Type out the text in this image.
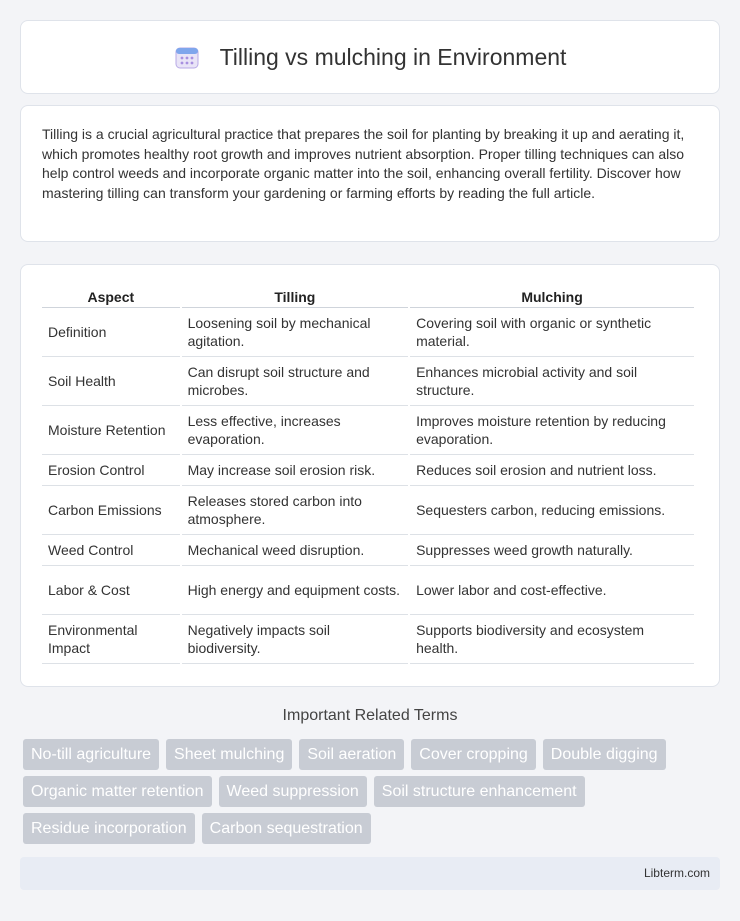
Tilling vs mulching in Environment

Tilling is a crucial agricultural practice that prepares the soil for planting by breaking it up and aerating it, which promotes healthy root growth and improves nutrient absorption. Proper tilling techniques can also help control weeds and incorporate organic matter into the soil, enhancing overall fertility. Discover how mastering tilling can transform your gardening or farming efforts by reading the full article.

Aspect	Tilling	Mulching
Definition	Loosening soil by mechanical agitation.	Covering soil with organic or synthetic material.
Soil Health	Can disrupt soil structure and microbes.	Enhances microbial activity and soil structure.
Moisture Retention	Less effective, increases evaporation.	Improves moisture retention by reducing evaporation.
Erosion Control	May increase soil erosion risk.	Reduces soil erosion and nutrient loss.
Carbon Emissions	Releases stored carbon into atmosphere.	Sequesters carbon, reducing emissions.
Weed Control	Mechanical weed disruption.	Suppresses weed growth naturally.
Labor & Cost	High energy and equipment costs.	Lower labor and cost-effective.
Environmental Impact	Negatively impacts soil biodiversity.	Supports biodiversity and ecosystem health.
Important Related Terms
No-till agriculture	Sheet mulching	Soil aeration	Cover cropping	Double digging
Organic matter retention	Weed suppression	Soil structure enhancement
Residue incorporation	Carbon sequestration
Libterm.com
